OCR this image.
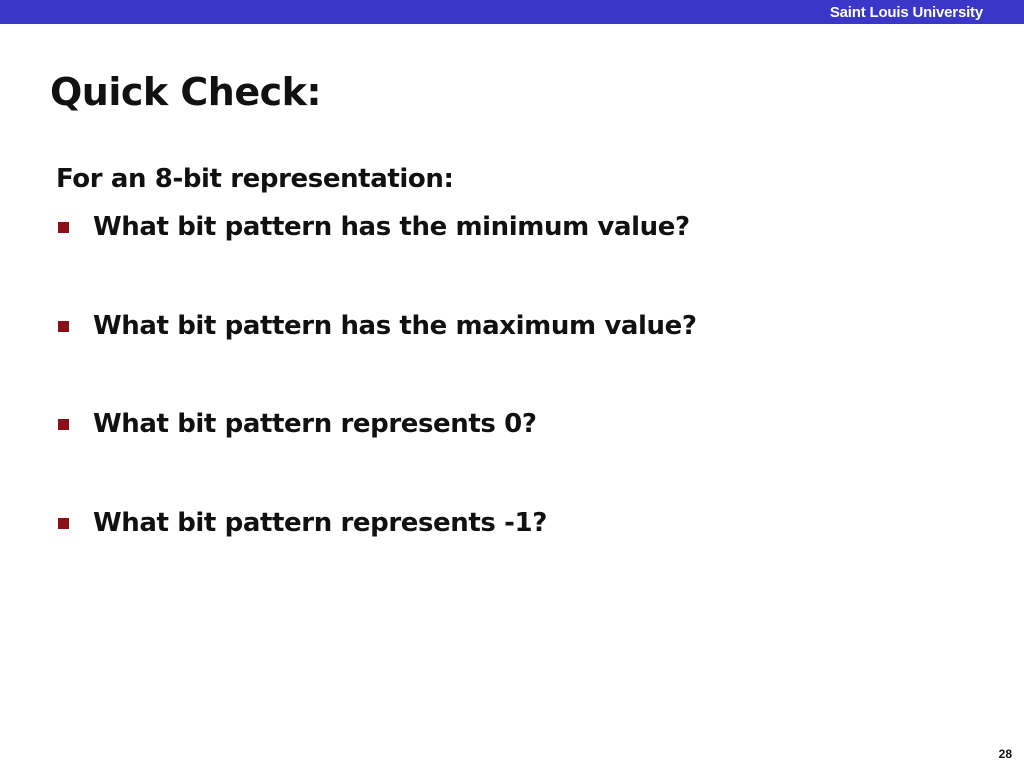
Saint Louis University
Quick Check:
For an 8-bit representation:
What bit pattern has the minimum value?
What bit pattern has the maximum value?
What bit pattern represents 0?
What bit pattern represents -1?
28
